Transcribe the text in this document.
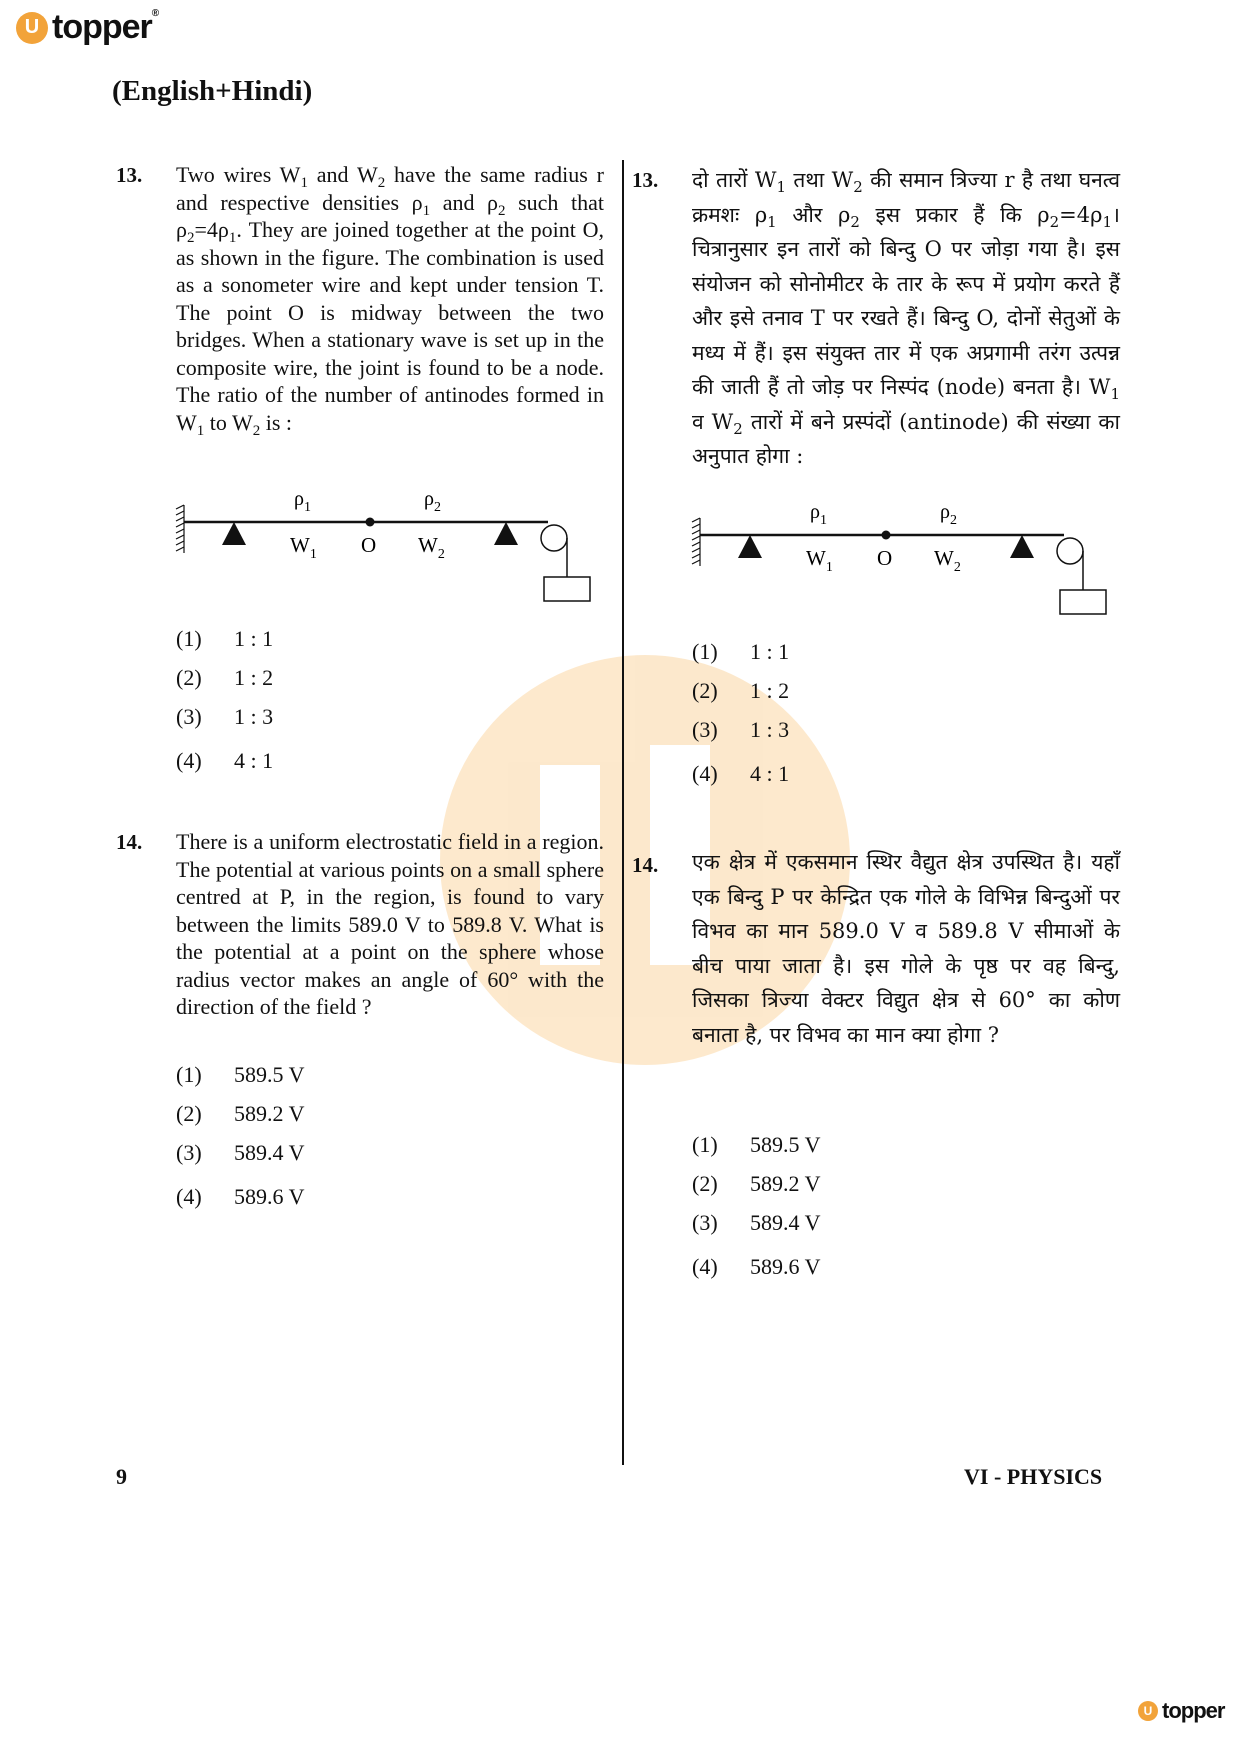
U topper®
(English+Hindi)
13. Two wires $W_1$ and $W_2$ have the same radius r and respective densities $\rho_1$ and $\rho_2$ such that $\rho_2=4\rho_1$. They are joined together at the point O, as shown in the figure. The combination is used as a sonometer wire and kept under tension T. The point O is midway between the two bridges. When a stationary wave is set up in the composite wire, the joint is found to be a node. The ratio of the number of antinodes formed in $W_1$ to $W_2$ is :
$\rho_1$	$\rho_2$
$W_1$ O $W_2$
(1)	1 : 1
(2)	1 : 2
(3)	1 : 3
(4)	4 : 1
14. There is a uniform electrostatic field in a region. The potential at various points on a small sphere centred at P, in the region, is found to vary between the limits 589.0 V to 589.8 V. What is the potential at a point on the sphere whose radius vector makes an angle of 60° with the direction of the field ?
(1)	589.5 V
(2)	589.2 V
(3)	589.4 V
(4)	589.6 V
13. दो तारों $W_1$ तथा $W_2$ की समान त्रिज्या r है तथा घनत्व क्रमशः $\rho_1$ और $\rho_2$ इस प्रकार हैं कि $\rho_2=4\rho_1।$ चित्रानुसार इन तारों को बिन्दु O पर जोड़ा गया है। इस संयोजन को सोनोमीटर के तार के रूप में प्रयोग करते हैं और इसे तनाव T पर रखते हैं। बिन्दु O, दोनों सेतुओं के मध्य में हैं। इस संयुक्त तार में एक अप्रगामी तरंग उत्पन्न की जाती हैं तो जोड़ पर निस्पंद (node) बनता है। $W_1$ व $W_2$ तारों में बने प्रस्पंदों (antinode) की संख्या का अनुपात होगा :
$\rho_1$	$\rho_2$
$W_1$ O $W_2$
(1)	1 : 1
(2)	1 : 2
(3)	1 : 3
(4)	4 : 1
14. एक क्षेत्र में एकसमान स्थिर वैद्युत क्षेत्र उपस्थित है। यहाँ एक बिन्दु P पर केन्द्रित एक गोले के विभिन्न बिन्दुओं पर विभव का मान 589.0 V व 589.8 V सीमाओं के बीच पाया जाता है। इस गोले के पृष्ठ पर वह बिन्दु, जिसका त्रिज्या वेक्टर विद्युत क्षेत्र से 60° का कोण बनाता है, पर विभव का मान क्या होगा ?
(1)	589.5 V
(2)	589.2 V
(3)	589.4 V
(4)	589.6 V
9	VI - PHYSICS
U topper
